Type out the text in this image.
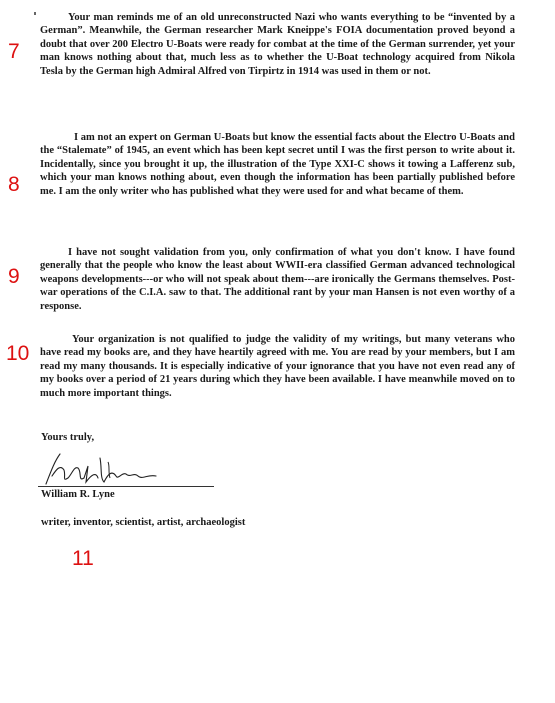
7

Your man reminds me of an old unreconstructed Nazi who wants everything to be “invented by a German”. Meanwhile, the German researcher Mark Kneippe's FOIA documentation proved beyond a doubt that over 200 Electro U-Boats were ready for combat at the time of the German surrender, yet your man knows nothing about that, much less as to whether the U-Boat technology acquired from Nikola Tesla by the German high Admiral Alfred von Tirpirtz in 1914 was used in them or not.

8

I am not an expert on German U-Boats but know the essential facts about the Electro U-Boats and the “Stalemate” of 1945, an event which has been kept secret until I was the first person to write about it. Incidentally, since you brought it up, the illustration of the Type XXI-C shows it towing a Lafferenz sub, which your man knows nothing about, even though the information has been partially published before me. I am the only writer who has published what they were used for and what became of them.

9

I have not sought validation from you, only confirmation of what you don't know. I have found generally that the people who know the least about WWII-era classified German advanced technological weapons developments---or who will not speak about them---are ironically the Germans themselves. Post-war operations of the C.I.A. saw to that. The additional rant by your man Hansen is not even worthy of a response.

10

Your organization is not qualified to judge the validity of my writings, but many veterans who have read my books are, and they have heartily agreed with me. You are read by your members, but I am read my many thousands. It is especially indicative of your ignorance that you have not even read any of my books over a period of 21 years during which they have been available. I have meanwhile moved on to much more important things.

Yours truly,
William R. Lyne
writer, inventor, scientist, artist, archaeologist
11
